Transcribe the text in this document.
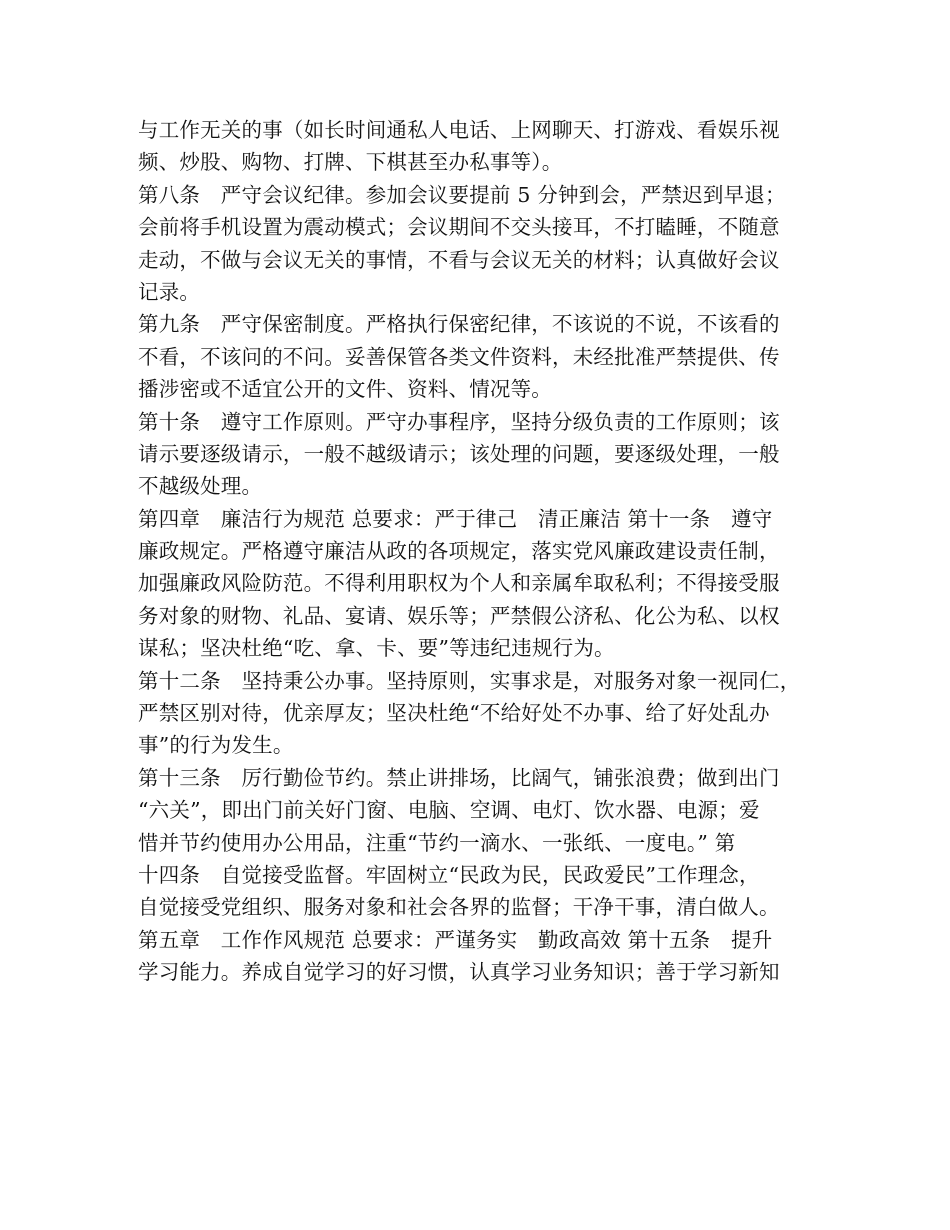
与工作无关的事（如长时间通私人电话、上网聊天、打游戏、看娱乐视
频、炒股、购物、打牌、下棋甚至办私事等）。
第八条　严守会议纪律。参加会议要提前 5 分钟到会，严禁迟到早退；
会前将手机设置为震动模式；会议期间不交头接耳，不打瞌睡，不随意
走动，不做与会议无关的事情，不看与会议无关的材料；认真做好会议
记录。
第九条　严守保密制度。严格执行保密纪律，不该说的不说，不该看的
不看，不该问的不问。妥善保管各类文件资料，未经批准严禁提供、传
播涉密或不适宜公开的文件、资料、情况等。
第十条　遵守工作原则。严守办事程序，坚持分级负责的工作原则；该
请示要逐级请示，一般不越级请示；该处理的问题，要逐级处理，一般
不越级处理。
第四章　廉洁行为规范 总要求：严于律己　清正廉洁 第十一条　遵守
廉政规定。严格遵守廉洁从政的各项规定，落实党风廉政建设责任制，
加强廉政风险防范。不得利用职权为个人和亲属牟取私利；不得接受服
务对象的财物、礼品、宴请、娱乐等；严禁假公济私、化公为私、以权
谋私；坚决杜绝“吃、拿、卡、要”等违纪违规行为。
第十二条　坚持秉公办事。坚持原则，实事求是，对服务对象一视同仁，
严禁区别对待，优亲厚友；坚决杜绝“不给好处不办事、给了好处乱办
事”的行为发生。
第十三条　厉行勤俭节约。禁止讲排场，比阔气，铺张浪费；做到出门
“六关”，即出门前关好门窗、电脑、空调、电灯、饮水器、电源；爱
惜并节约使用办公用品，注重“节约一滴水、一张纸、一度电。” 第
十四条　自觉接受监督。牢固树立“民政为民，民政爱民”工作理念，
自觉接受党组织、服务对象和社会各界的监督；干净干事，清白做人。
第五章　工作作风规范 总要求：严谨务实　勤政高效 第十五条　提升
学习能力。养成自觉学习的好习惯，认真学习业务知识；善于学习新知
